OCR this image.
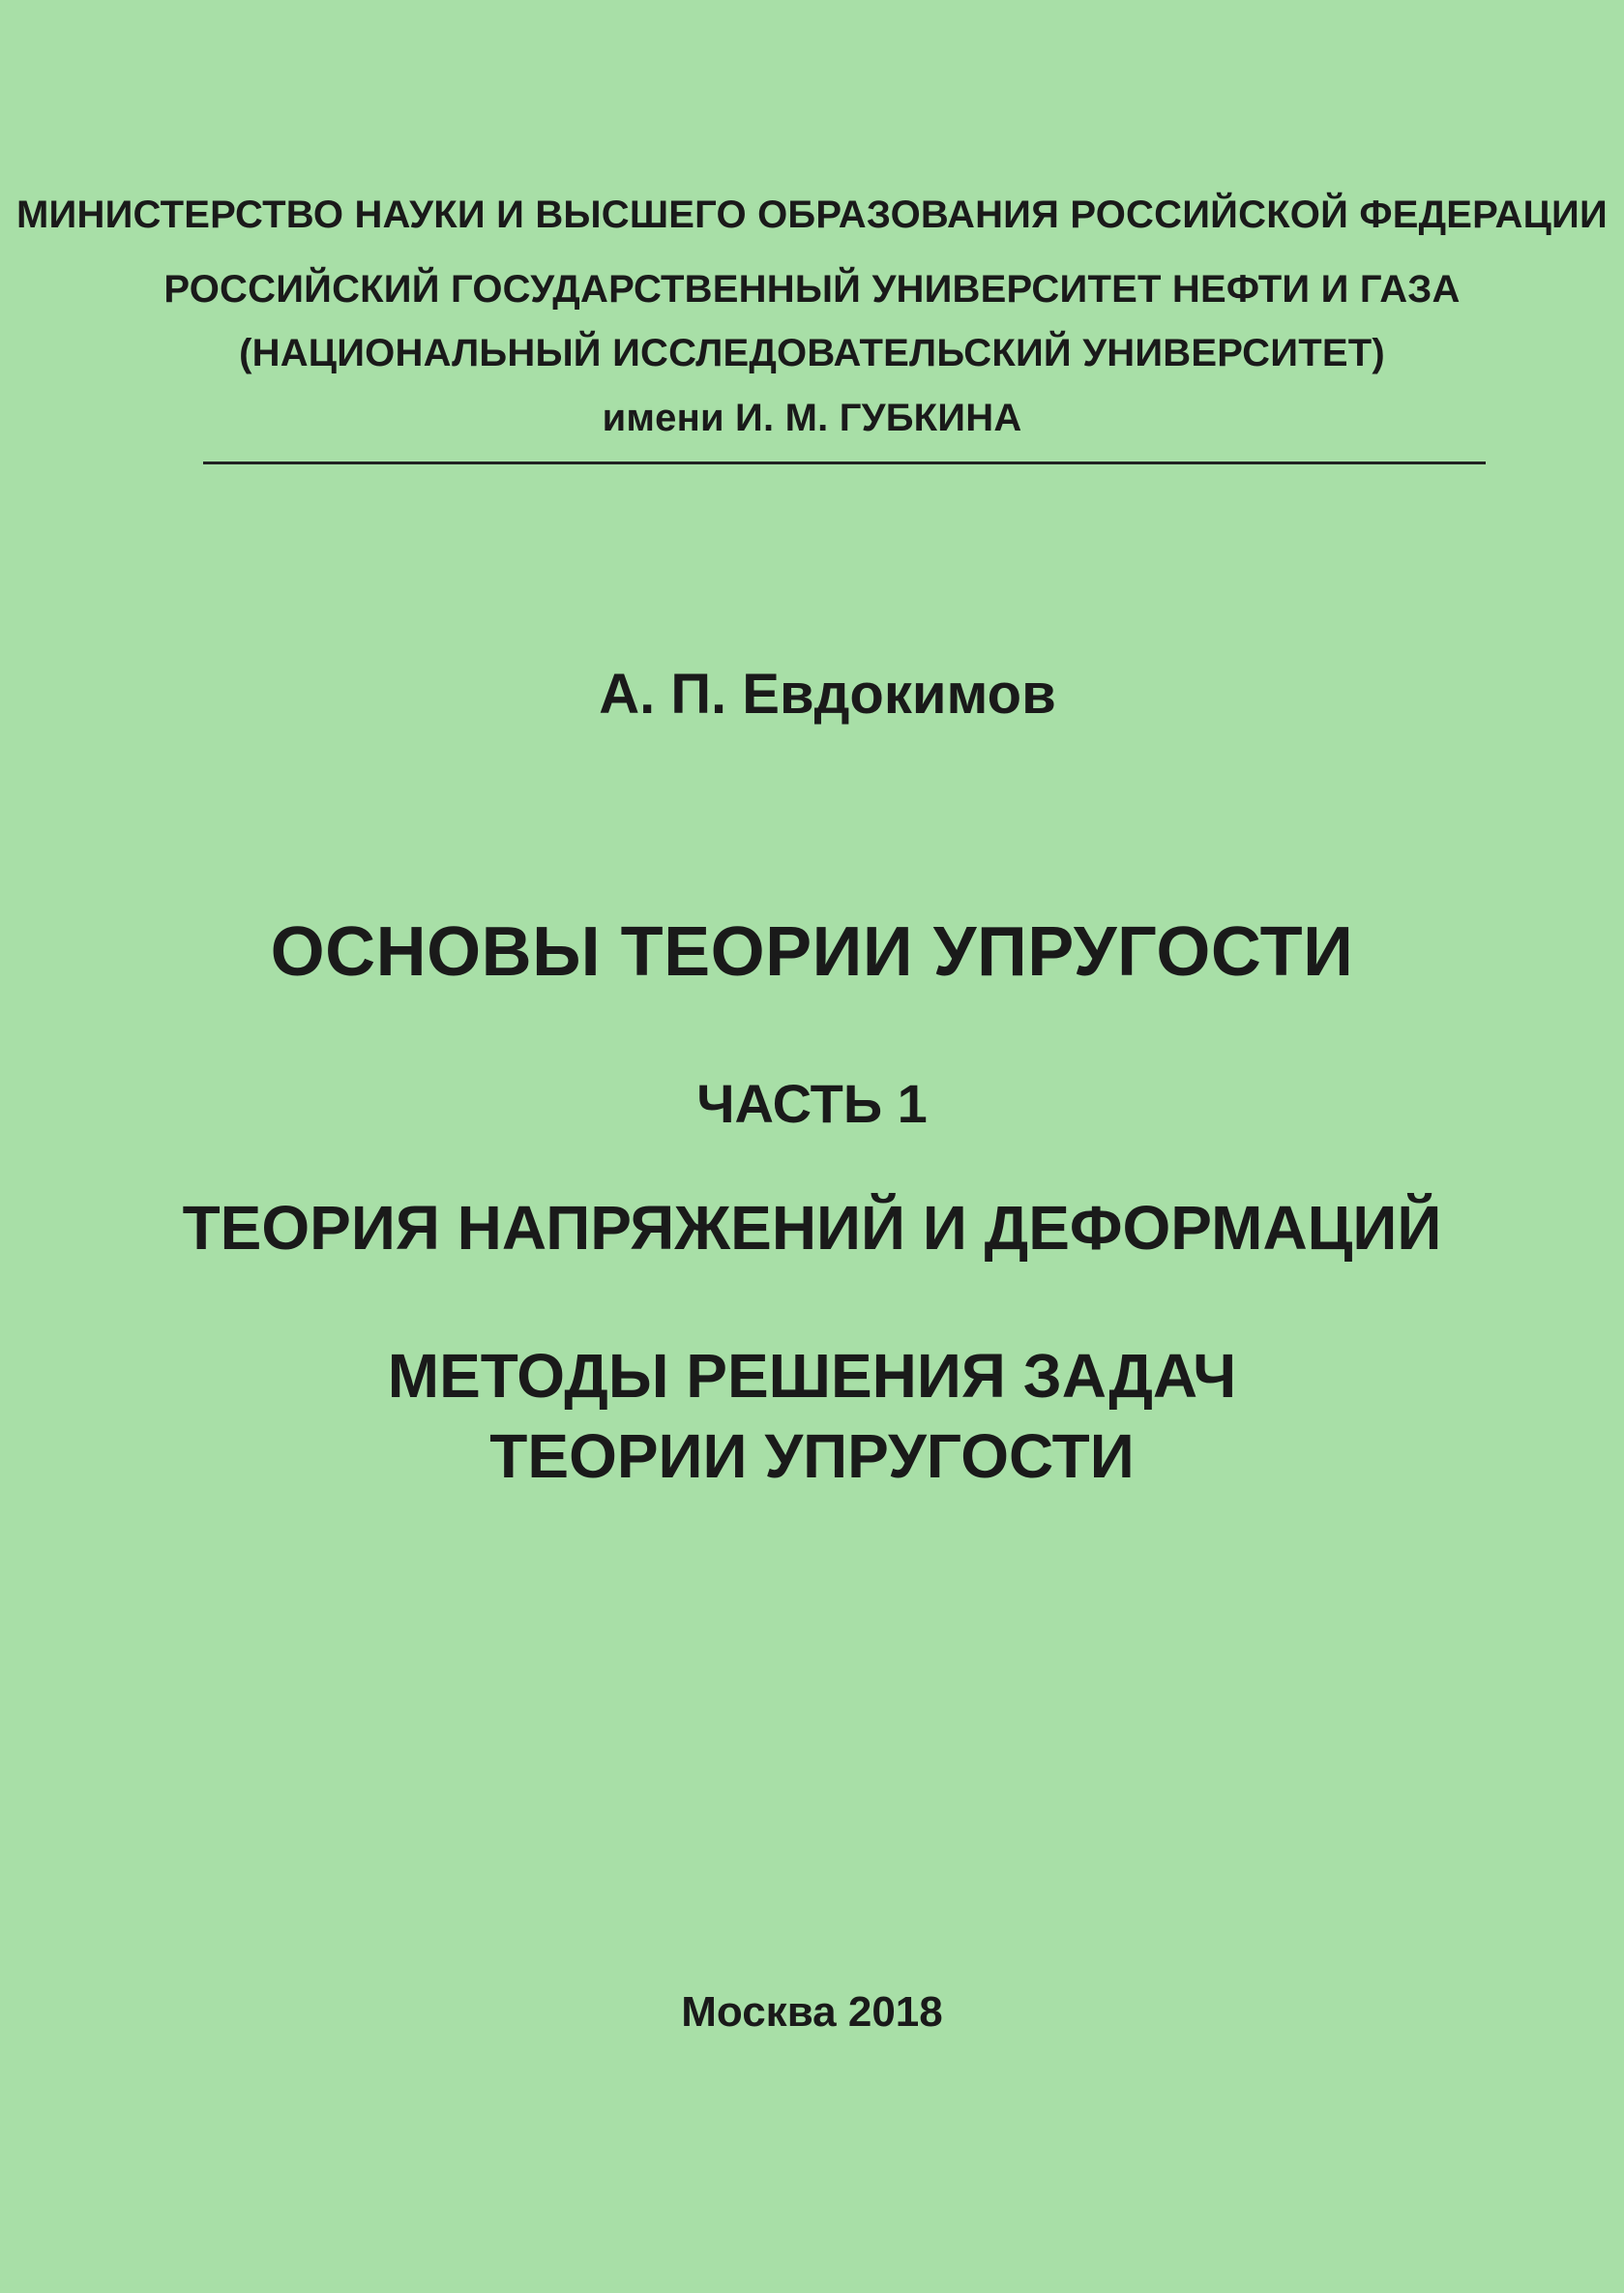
МИНИСТЕРСТВО НАУКИ И ВЫСШЕГО ОБРАЗОВАНИЯ РОССИЙСКОЙ ФЕДЕРАЦИИ

РОССИЙСКИЙ ГОСУДАРСТВЕННЫЙ УНИВЕРСИТЕТ НЕФТИ И ГАЗА

(НАЦИОНАЛЬНЫЙ ИССЛЕДОВАТЕЛЬСКИЙ УНИВЕРСИТЕТ)

имени И. М. ГУБКИНА

А. П. Евдокимов

ОСНОВЫ ТЕОРИИ УПРУГОСТИ

ЧАСТЬ 1

ТЕОРИЯ НАПРЯЖЕНИЙ И ДЕФОРМАЦИЙ

МЕТОДЫ РЕШЕНИЯ ЗАДАЧ

ТЕОРИИ УПРУГОСТИ

Москва 2018
